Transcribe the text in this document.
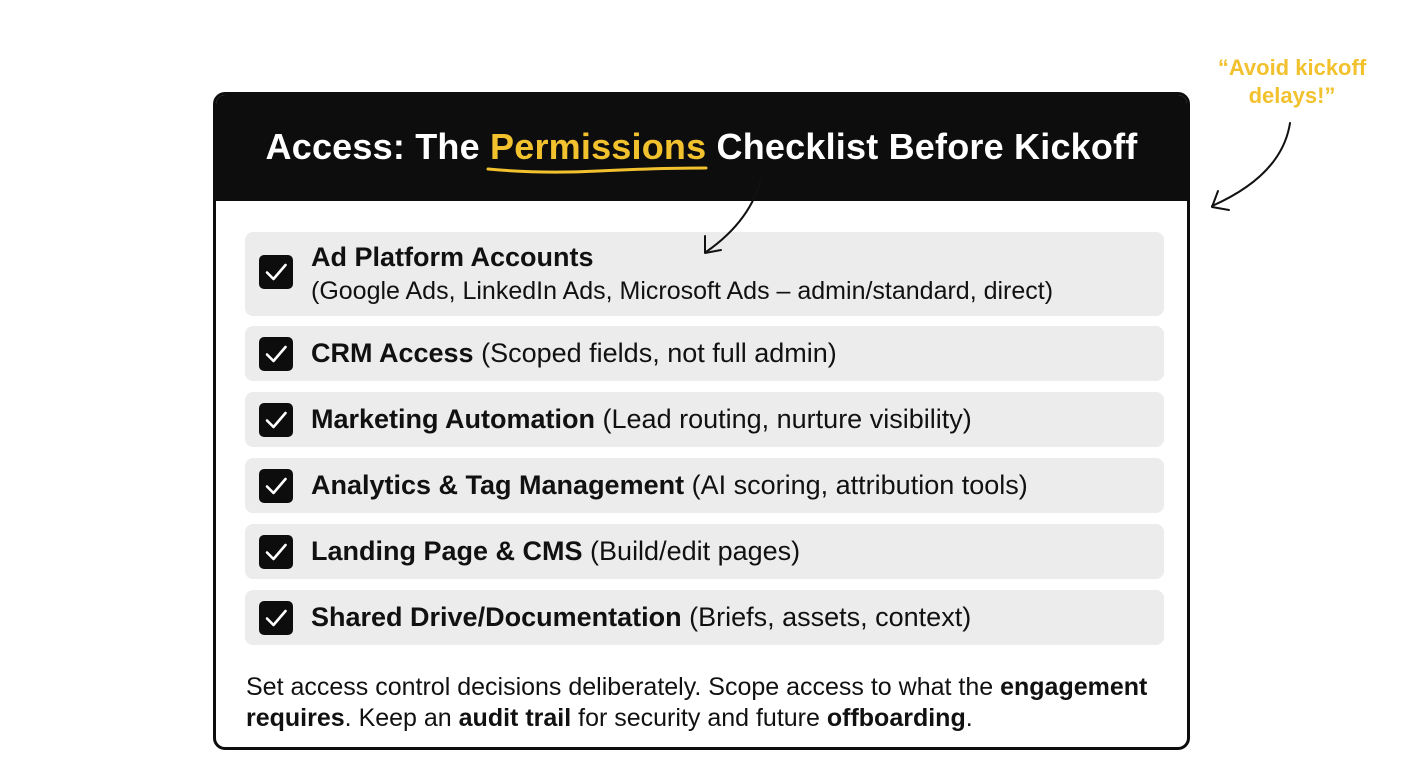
Access: The Permissions Checklist Before Kickoff
Ad Platform Accounts
(Google Ads, LinkedIn Ads, Microsoft Ads – admin/standard, direct)
CRM Access (Scoped fields, not full admin)
Marketing Automation (Lead routing, nurture visibility)
Analytics & Tag Management (AI scoring, attribution tools)
Landing Page & CMS (Build/edit pages)
Shared Drive/Documentation (Briefs, assets, context)
Set access control decisions deliberately. Scope access to what the engagement requires. Keep an audit trail for security and future offboarding.
“Avoid kickoff
delays!”
